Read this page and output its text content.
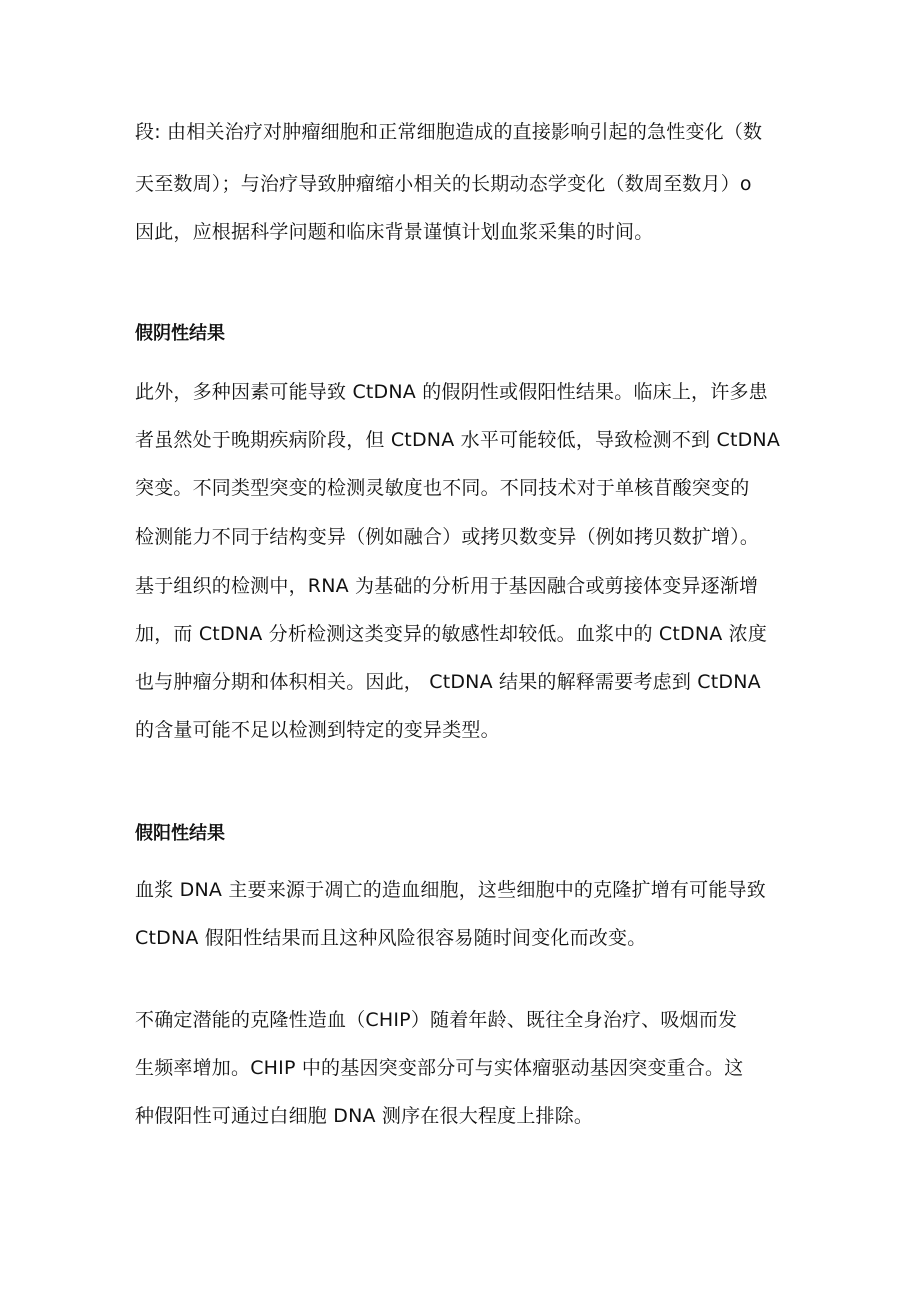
段: 由相关治疗对肿瘤细胞和正常细胞造成的直接影响引起的急性变化（数
天至数周）；与治疗导致肿瘤缩小相关的长期动态学变化（数周至数月）o
因此，应根据科学问题和临床背景谨慎计划血浆采集的时间。
假阴性结果
此外，多种因素可能导致 CtDNA 的假阴性或假阳性结果。临床上，许多患
者虽然处于晚期疾病阶段，但 CtDNA 水平可能较低，导致检测不到 CtDNA
突变。不同类型突变的检测灵敏度也不同。不同技术对于单核苜酸突变的
检测能力不同于结构变异（例如融合）或拷贝数变异（例如拷贝数扩增）。
基于组织的检测中，RNA 为基础的分析用于基因融合或剪接体变异逐渐增
加，而 CtDNA 分析检测这类变异的敏感性却较低。血浆中的 CtDNA 浓度
也与肿瘤分期和体积相关。因此， CtDNA 结果的解释需要考虑到 CtDNA
的含量可能不足以检测到特定的变异类型。
假阳性结果
血浆 DNA 主要来源于凋亡的造血细胞，这些细胞中的克隆扩增有可能导致
CtDNA 假阳性结果而且这种风险很容易随时间变化而改变。
不确定潜能的克隆性造血（CHIP）随着年龄、既往全身治疗、吸烟而发
生频率增加。CHIP 中的基因突变部分可与实体瘤驱动基因突变重合。这
种假阳性可通过白细胞 DNA 测序在很大程度上排除。
